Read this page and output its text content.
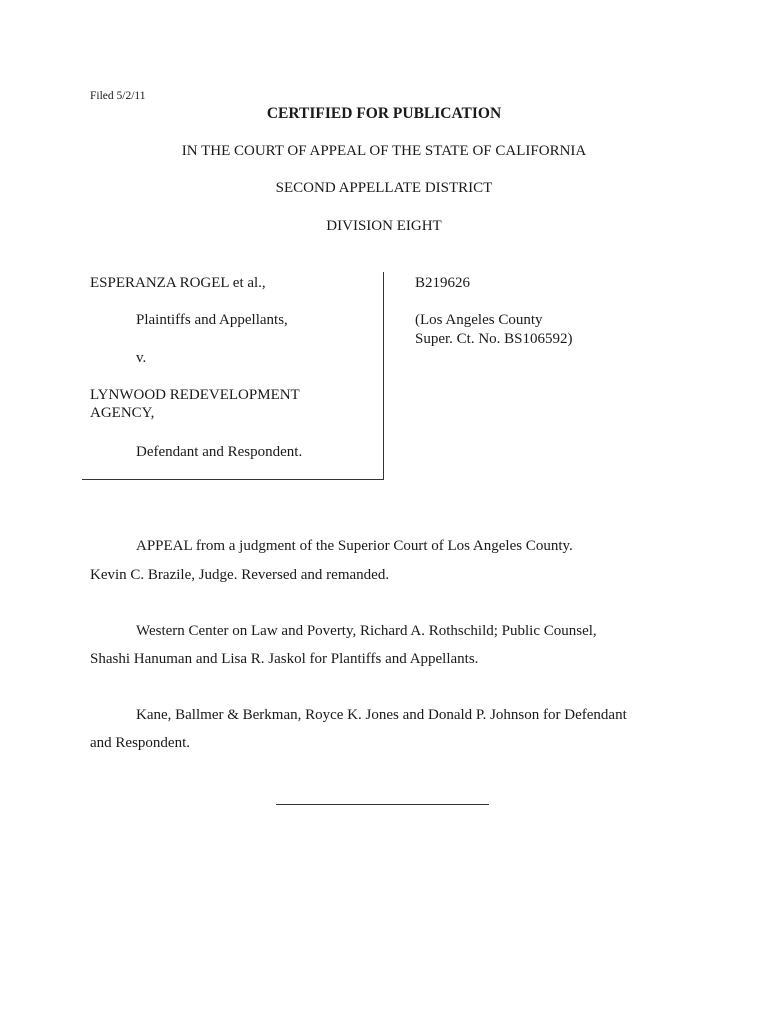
Filed 5/2/11
CERTIFIED FOR PUBLICATION
IN THE COURT OF APPEAL OF THE STATE OF CALIFORNIA
SECOND APPELLATE DISTRICT
DIVISION EIGHT
ESPERANZA ROGEL et al.,
Plaintiffs and Appellants,
v.
LYNWOOD REDEVELOPMENT
AGENCY,
Defendant and Respondent.
B219626
(Los Angeles County
Super. Ct. No. BS106592)
APPEAL from a judgment of the Superior Court of Los Angeles County.
Kevin C. Brazile, Judge. Reversed and remanded.
Western Center on Law and Poverty, Richard A. Rothschild; Public Counsel,
Shashi Hanuman and Lisa R. Jaskol for Plantiffs and Appellants.
Kane, Ballmer & Berkman, Royce K. Jones and Donald P. Johnson for Defendant
and Respondent.
